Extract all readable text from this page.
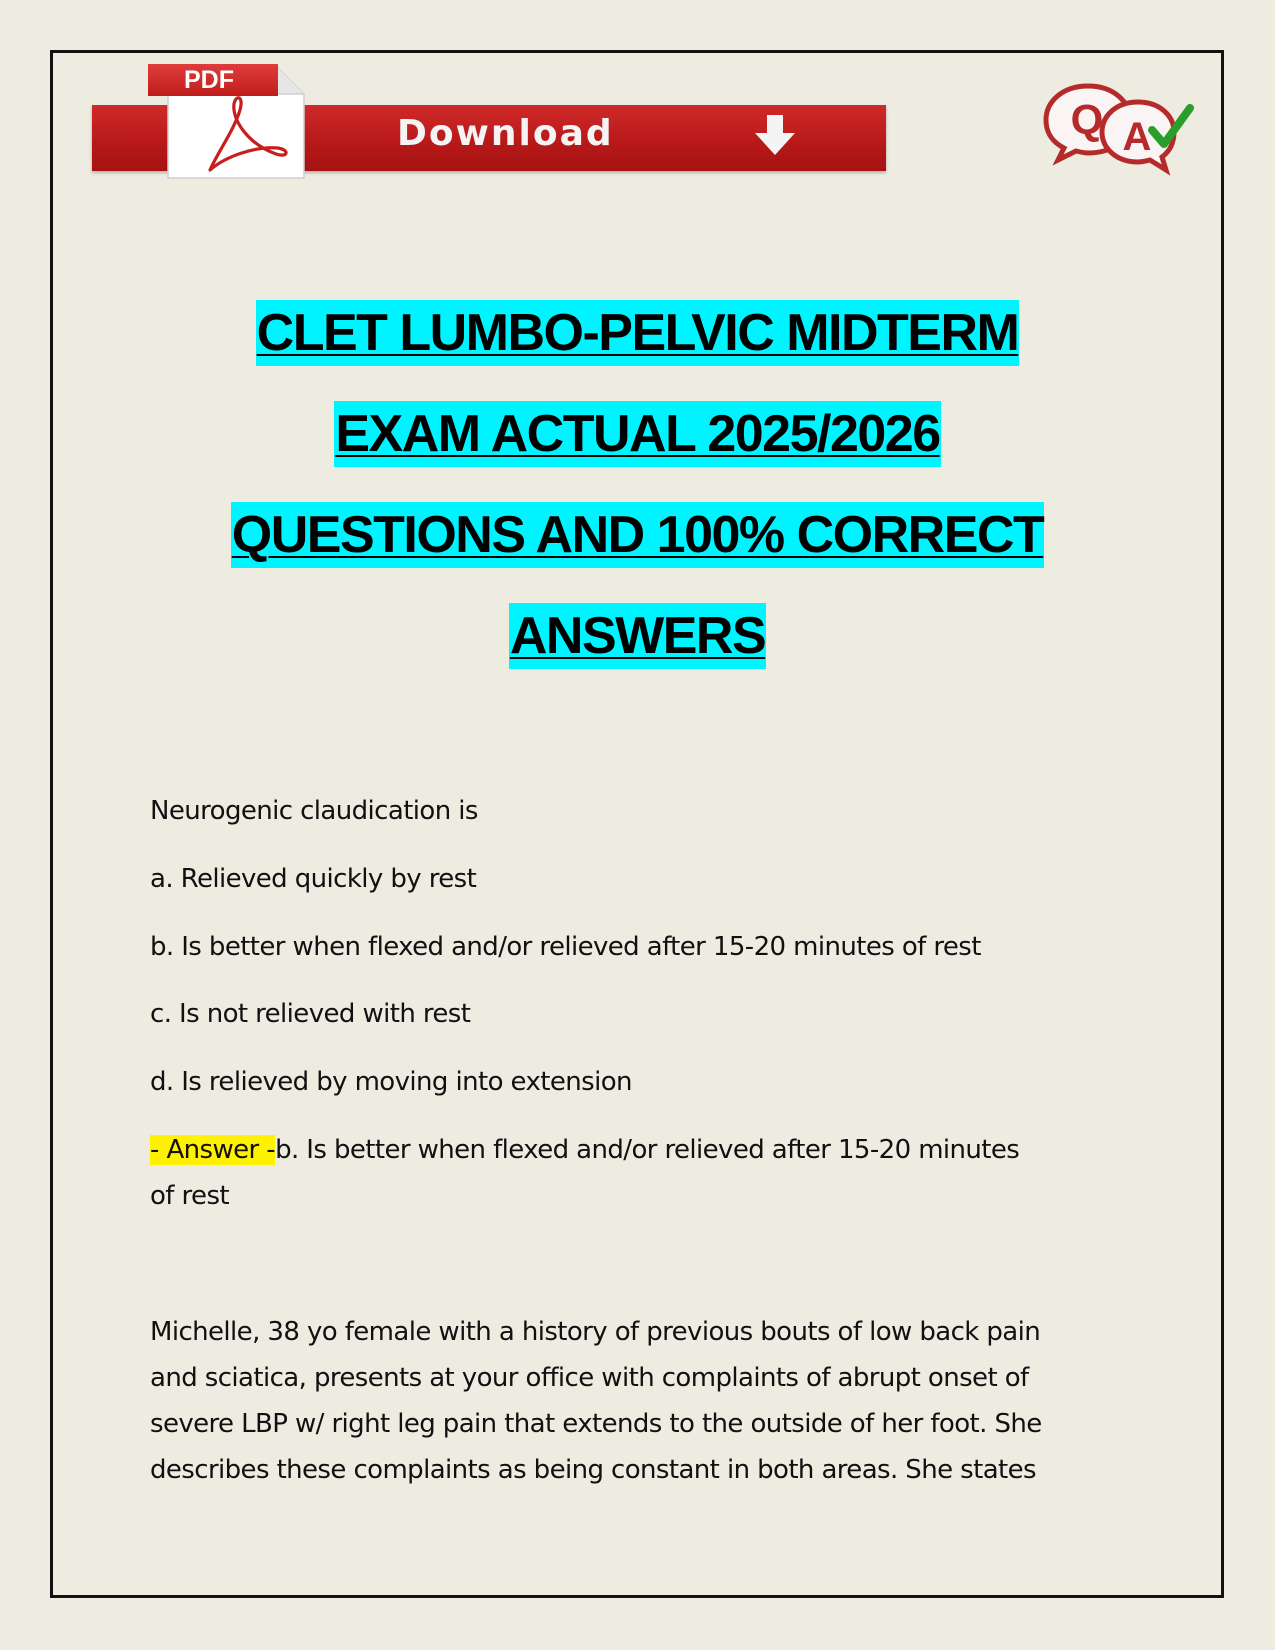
PDF
Download	Q A
CLET LUMBO-PELVIC MIDTERM
EXAM ACTUAL 2025/2026
QUESTIONS AND 100% CORRECT
ANSWERS
Neurogenic claudication is
a. Relieved quickly by rest
b. Is better when flexed and/or relieved after 15-20 minutes of rest
c. Is not relieved with rest
d. Is relieved by moving into extension
- Answer -b. Is better when flexed and/or relieved after 15-20 minutes
of rest
Michelle, 38 yo female with a history of previous bouts of low back pain
and sciatica, presents at your office with complaints of abrupt onset of
severe LBP w/ right leg pain that extends to the outside of her foot. She
describes these complaints as being constant in both areas. She states
